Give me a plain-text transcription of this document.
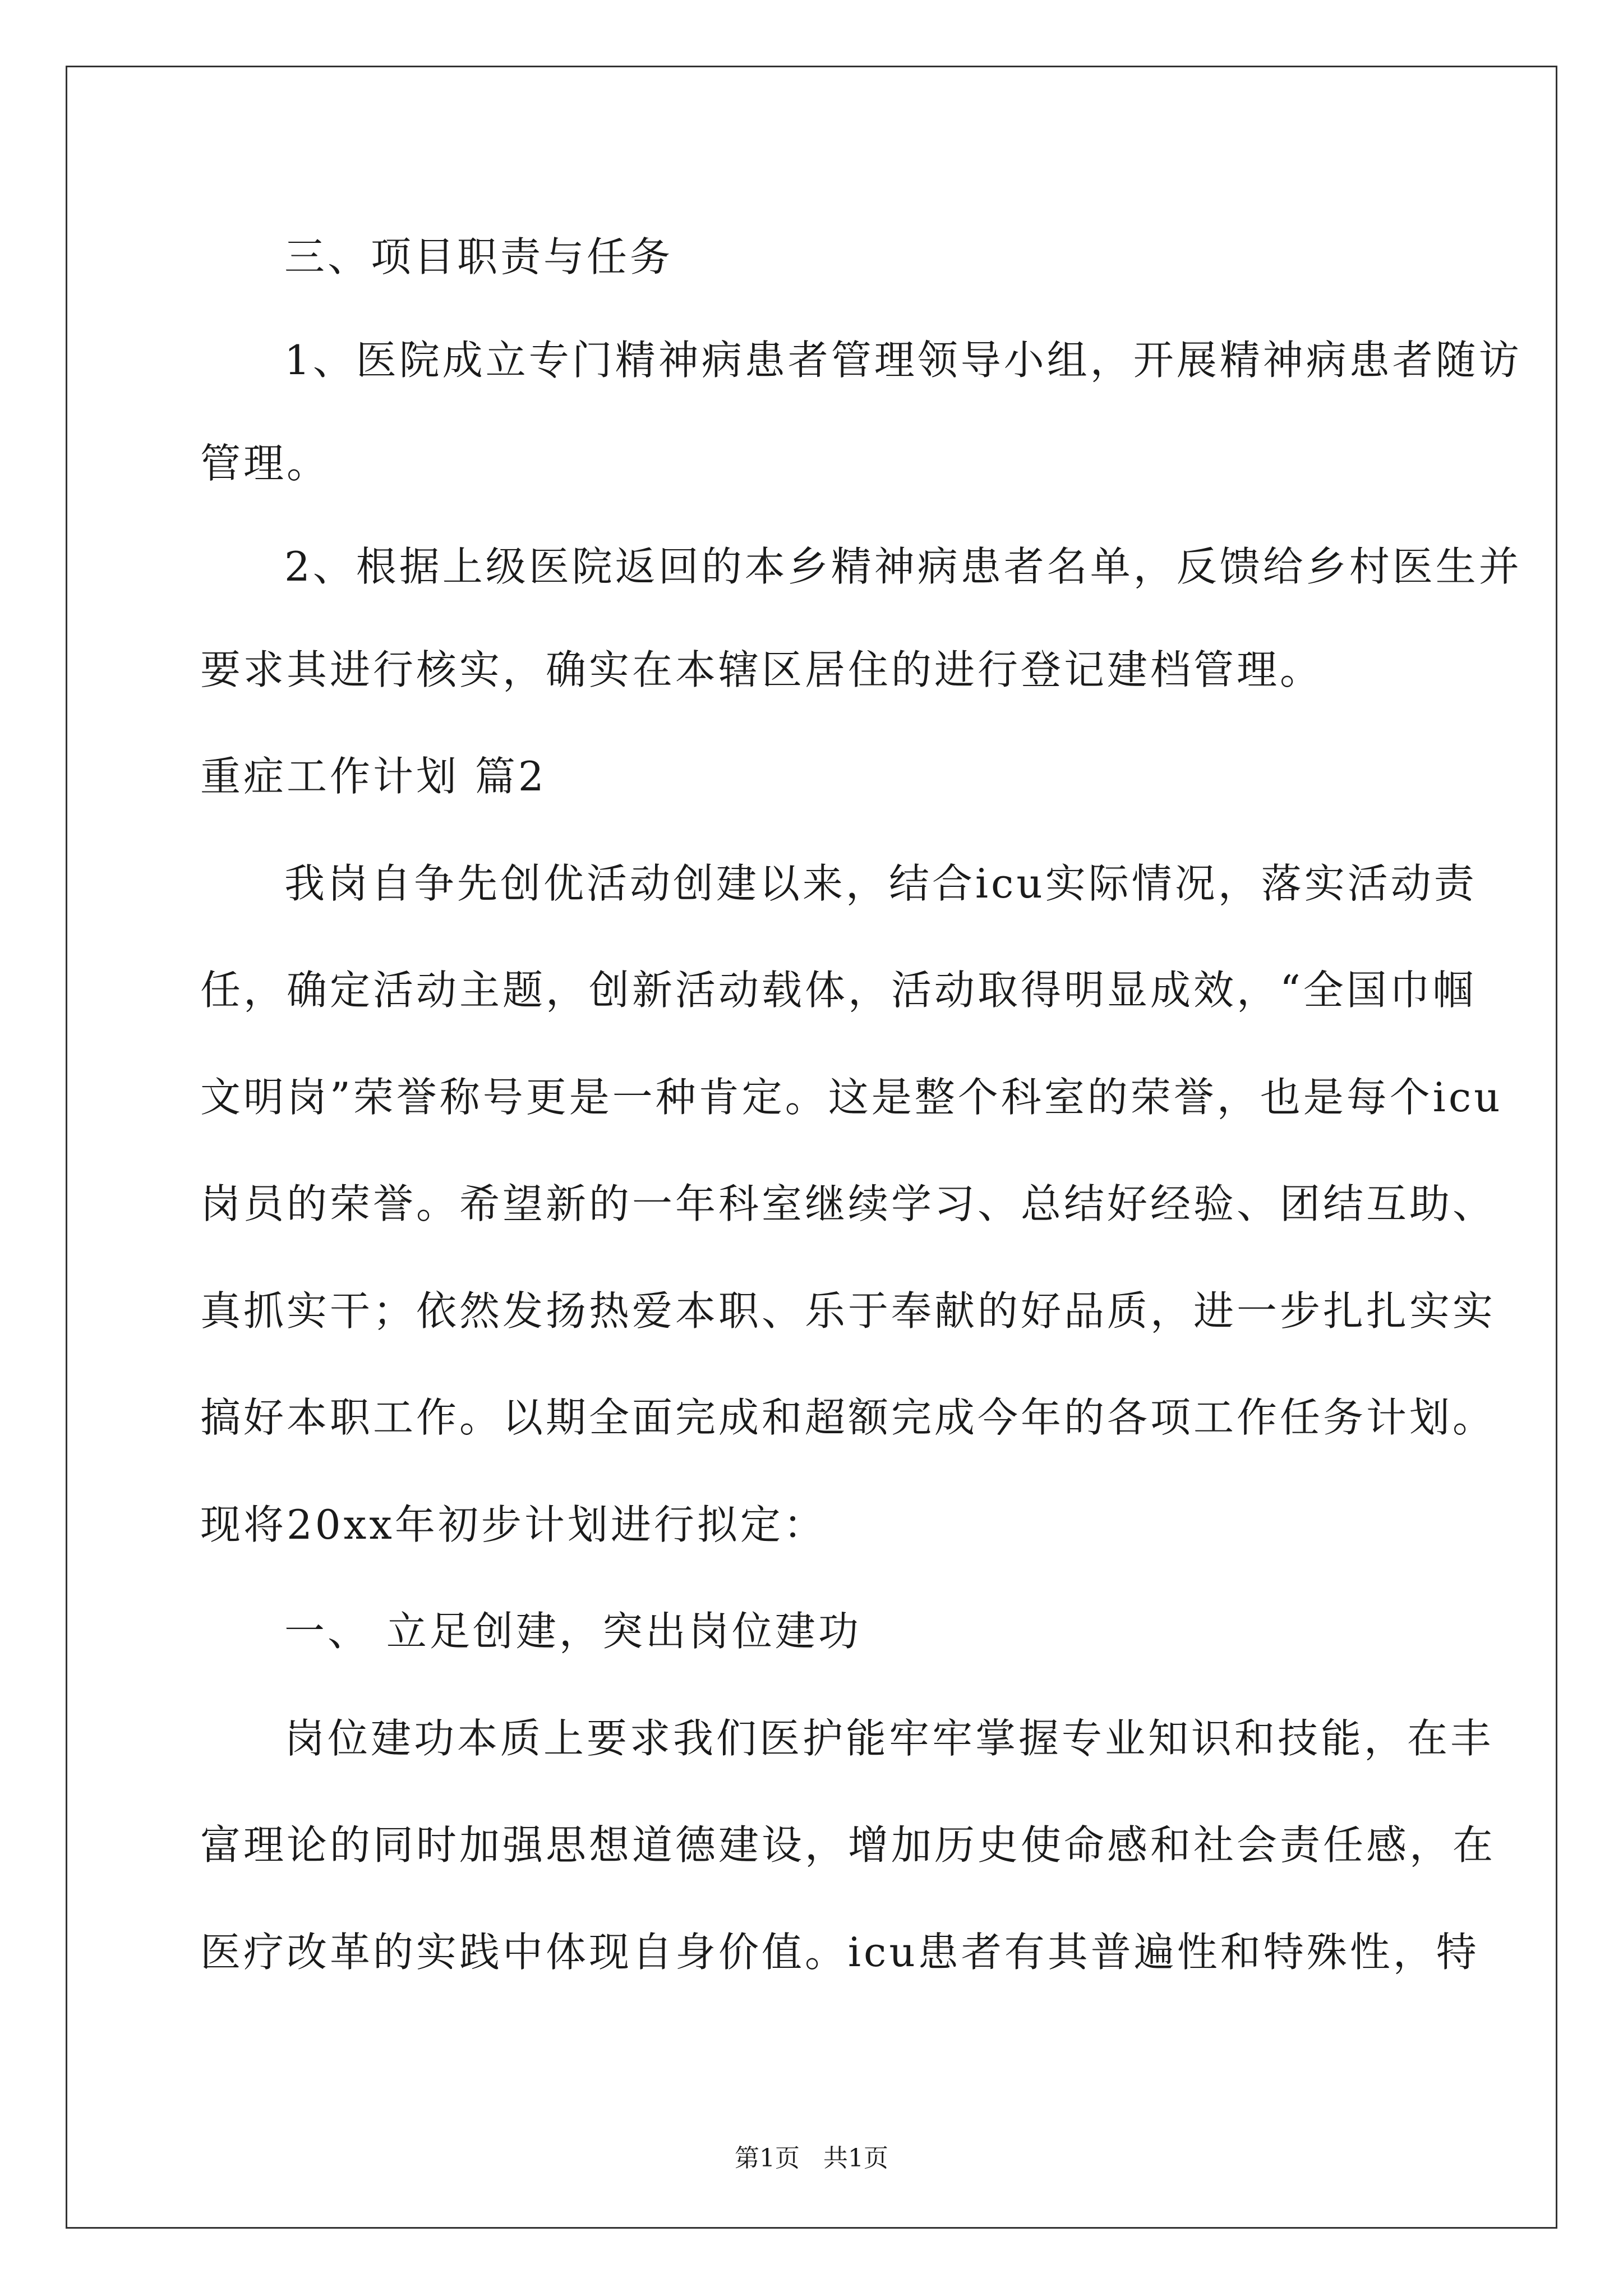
三、项目职责与任务
1、医院成立专门精神病患者管理领导小组，开展精神病患者随访
管理。
2、根据上级医院返回的本乡精神病患者名单，反馈给乡村医生并
要求其进行核实，确实在本辖区居住的进行登记建档管理。
重症工作计划 篇2
我岗自争先创优活动创建以来，结合icu实际情况，落实活动责
任，确定活动主题，创新活动载体，活动取得明显成效，“全国巾帼
文明岗”荣誉称号更是一种肯定。这是整个科室的荣誉，也是每个icu
岗员的荣誉。希望新的一年科室继续学习、总结好经验、团结互助、
真抓实干；依然发扬热爱本职、乐于奉献的好品质，进一步扎扎实实
搞好本职工作。以期全面完成和超额完成今年的各项工作任务计划。
现将20xx年初步计划进行拟定：
一、 立足创建，突出岗位建功
岗位建功本质上要求我们医护能牢牢掌握专业知识和技能，在丰
富理论的同时加强思想道德建设，增加历史使命感和社会责任感，在
医疗改革的实践中体现自身价值。icu患者有其普遍性和特殊性，特
第1页 共1页
